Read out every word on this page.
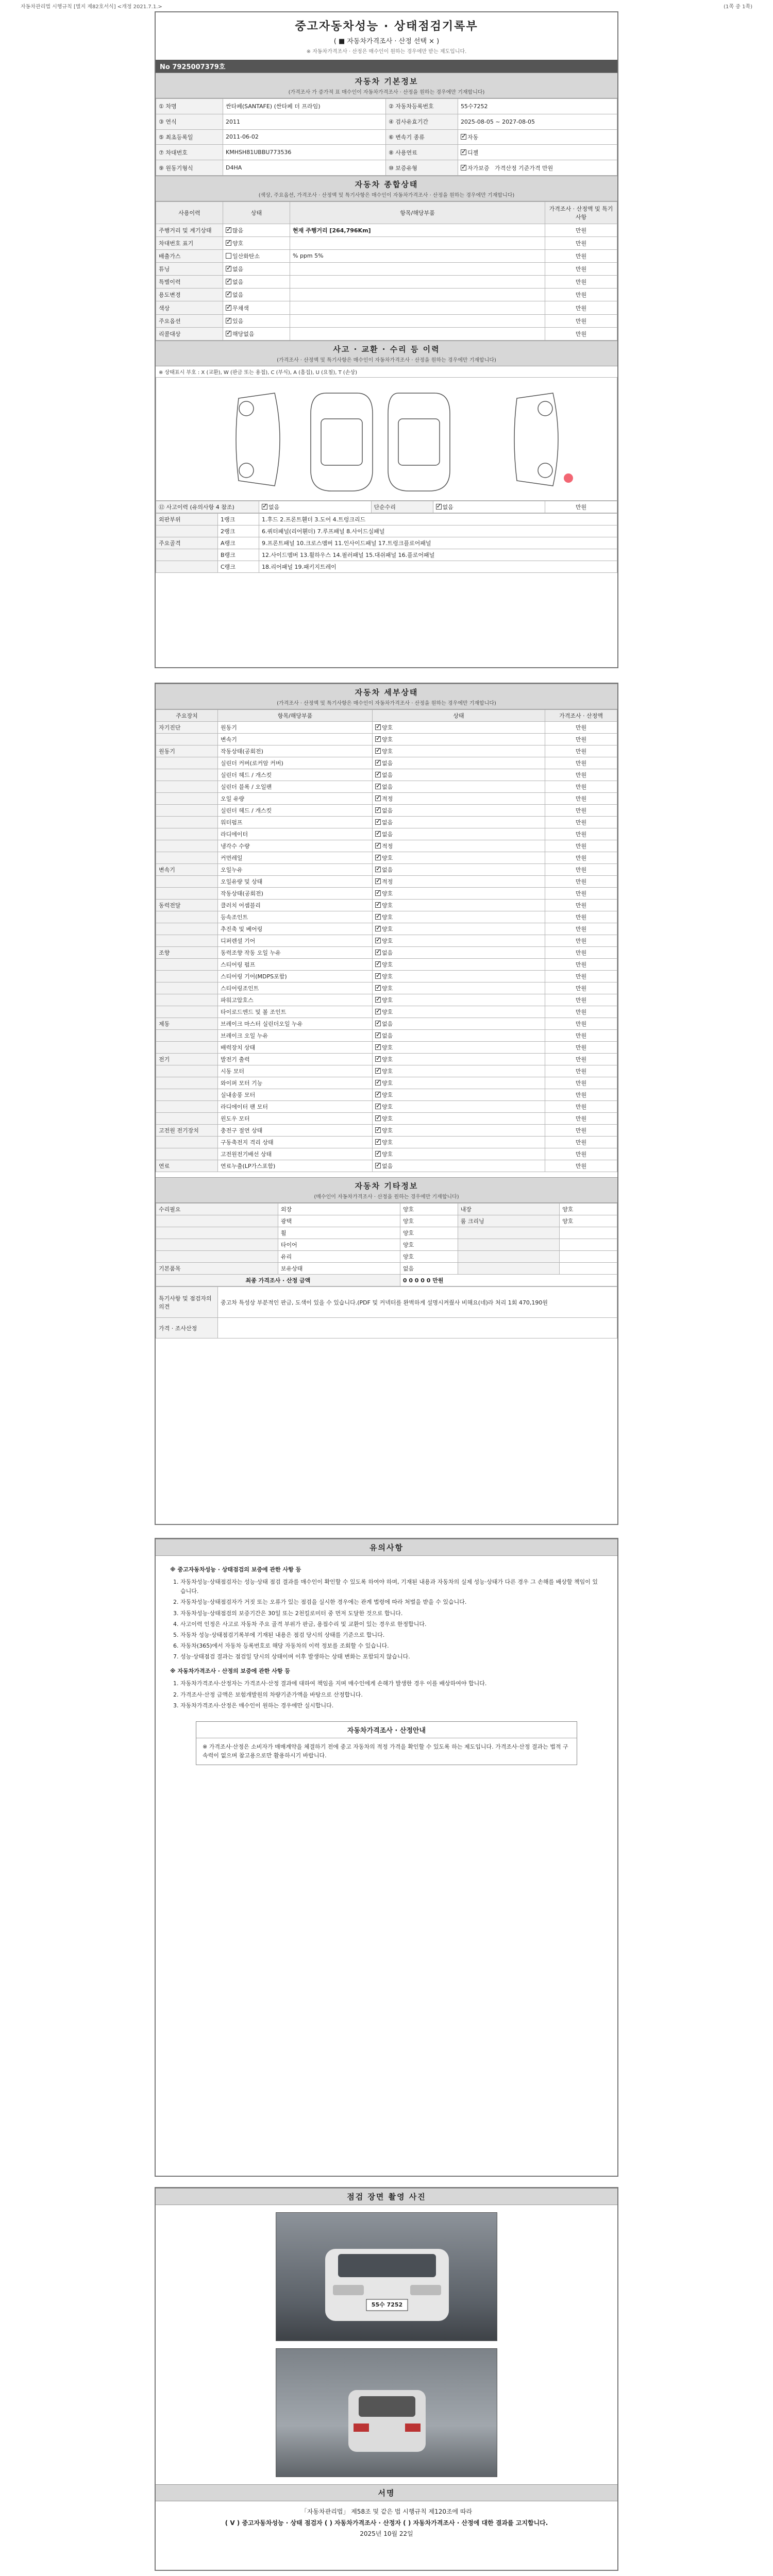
자동차관리법 시행규칙 [별지 제82호서식] <개정 2021.7.1.>	(1쪽 중 1쪽)
중고자동차성능 · 상태점검기록부
( ■ 자동차가격조사 · 산정 선택 × )
※ 자동차가격조사 · 산정은 매수인이 원하는 경우에만 받는 제도입니다.
No 7925007379호
자동차 기본정보
(가격조사 가 증가적 표 매수인이 자동차가격조사 · 산정을 원하는 경우에만 기재합니다)
① 차명	싼타페(SANTAFE) (싼타페 더 프라임)	② 자동차등록번호	55수7252
③ 연식	2011	④ 검사유효기간	2025-08-05 ~ 2027-08-05
⑤ 최초등록일	2011-06-02	⑥ 변속기 종류	✓자동
⑦ 차대번호	KMHSH81UBBU773536	⑧ 사용연료	✓디젤
⑨ 원동기형식	D4HA	⑩ 보증유형	✓자가보증 가격산정 기준가격 만원
자동차 종합상태
(색상, 주요옵션, 가격조사 · 산정액 및 특기사항은 매수인이 자동차가격조사 · 산정을 원하는 경우에만 기재합니다)
사용이력	상태	항목/해당부품	가격조사 · 산정액 및 특기사항
주행거리 및 계기상태	✓많음	현재 주행거리 [264,796Km]	만원
차대번호 표기	✓양호		만원
배출가스	일산화탄소	% ppm 5%	만원
튜닝	✓없음		만원
특별이력	✓없음		만원
용도변경	✓없음		만원
색상	✓무채색		만원
주요옵션	✓있음		만원
리콜대상	✓해당없음		만원
사고 · 교환 · 수리 등 이력
(가격조사 · 산정액 및 특기사항은 매수인이 자동차가격조사 · 산정을 원하는 경우에만 기재합니다)
※ 상태표시 부호 : X (교환), W (판금 또는 용접), C (부식), A (흠집), U (요철), T (손상)
⑫ 사고이력 (유의사항 4 참조)	✓없음	단순수리	✓없음	만원
외판부위	1랭크	1.후드 2.프론트휀더 3.도어 4.트렁크리드
	2랭크	6.쿼터패널(리어휀더) 7.루프패널 8.사이드실패널
주요골격	A랭크	9.프론트패널 10.크로스멤버 11.인사이드패널 17.트렁크플로어패널
	B랭크	12.사이드멤버 13.휠하우스 14.필러패널 15.대쉬패널 16.플로어패널
	C랭크	18.리어패널 19.패키지트레이
자동차 세부상태
(가격조사 · 산정액 및 특기사항은 매수인이 자동차가격조사 · 산정을 원하는 경우에만 기재합니다)
주요장치	항목/해당부품	상태	가격조사 · 산정액
자기진단	원동기	✓양호	만원
	변속기	✓양호	만원
원동기	작동상태(공회전)	✓양호	만원
	실린더 커버(로커암 커버)	✓없음	만원
	실린더 헤드 / 개스킷	✓없음	만원
	실린더 블록 / 오일팬	✓없음	만원
	오일 유량	✓적정	만원
	실린더 헤드 / 개스킷	✓없음	만원
	워터펌프	✓없음	만원
	라디에이터	✓없음	만원
	냉각수 수량	✓적정	만원
	커먼레일	✓양호	만원
변속기	오일누유	✓없음	만원
	오일유량 및 상태	✓적정	만원
	작동상태(공회전)	✓양호	만원
동력전달	클러치 어셈블리	✓양호	만원
	등속조인트	✓양호	만원
	추진축 및 베어링	✓양호	만원
	디퍼렌셜 기어	✓양호	만원
조향	동력조향 작동 오일 누유	✓없음	만원
	스티어링 펌프	✓양호	만원
	스티어링 기어(MDPS포함)	✓양호	만원
	스티어링조인트	✓양호	만원
	파워고압호스	✓양호	만원
	타이로드엔드 및 볼 조인트	✓양호	만원
제동	브레이크 마스터 실린더오일 누유	✓없음	만원
	브레이크 오일 누유	✓없음	만원
	배력장치 상태	✓양호	만원
전기	발전기 출력	✓양호	만원
	시동 모터	✓양호	만원
	와이퍼 모터 기능	✓양호	만원
	실내송풍 모터	✓양호	만원
	라디에이터 팬 모터	✓양호	만원
	윈도우 모터	✓양호	만원
고전원 전기장치	충전구 절연 상태	✓양호	만원
	구동축전지 격리 상태	✓양호	만원
	고전원전기배선 상태	✓양호	만원
연료	연료누출(LP가스포함)	✓없음	만원
자동차 기타정보
(매수인이 자동차가격조사 · 산정을 원하는 경우에만 기재합니다)
수리필요	외장	양호	내장	양호
	광택	양호	룸 크리닝	양호
	휠	양호		
	타이어	양호		
	유리	양호		
기본품목	보유상태	없음		
최종 가격조사 · 산정 금액		0 0 0 0 0 만원		
특기사항 및 점검자의 의견	중고차 특성상 부분적인 판금, 도색이 있을 수 있습니다.(PDF 및 커넥터를 완벽하게 설명시켜줬사 비해요(네)라 처리 1회 470,190원
가격 · 조사산정	
유의사항
※ 중고자동차성능 · 상태점검의 보증에 관한 사항 등
1. 자동차성능·상태점검자는 성능·상태 점검 결과를 매수인이 확인할 수 있도록 하여야 하며, 기재된 내용과 자동차의 실제 성능·상태가 다른 경우 그 손해를 배상할 책임이 있습니다.
2. 자동차성능·상태점검자가 거짓 또는 오류가 있는 점검을 실시한 경우에는 관계 법령에 따라 처벌을 받을 수 있습니다.
3. 자동차성능·상태점검의 보증기간은 30일 또는 2천킬로미터 중 먼저 도달한 것으로 합니다.
4. 사고이력 인정은 사고로 자동차 주요 골격 부위가 판금, 용접수리 및 교환이 있는 경우로 한정합니다.
5. 자동차 성능·상태점검기록부에 기재된 내용은 점검 당시의 상태를 기준으로 합니다.
6. 자동차(365)에서 자동차 등록번호로 해당 자동차의 이력 정보를 조회할 수 있습니다.
7. 성능·상태점검 결과는 점검일 당시의 상태이며 이후 발생하는 상태 변화는 포함되지 않습니다.
※ 자동차가격조사 · 산정의 보증에 관한 사항 등
1. 자동차가격조사·산정자는 가격조사·산정 결과에 대하여 책임을 지며 매수인에게 손해가 발생한 경우 이를 배상하여야 합니다.
2. 가격조사·산정 금액은 보험개발원의 차량기준가액을 바탕으로 산정합니다.
3. 자동차가격조사·산정은 매수인이 원하는 경우에만 실시합니다.
자동차가격조사 · 산정안내
※ 가격조사·산정은 소비자가 매매계약을 체결하기 전에 중고 자동차의 적정 가격을 확인할 수 있도록 하는 제도입니다. 가격조사·산정 결과는 법적 구속력이 없으며 참고용으로만 활용하시기 바랍니다.
점검 장면 촬영 사진
55수 7252
서명
「자동차관리법」 제58조 및 같은 법 시행규칙 제120조에 따라
( V ) 중고자동차성능 · 상태 점검자 ( ) 자동차가격조사 · 산정자 ( ) 자동차가격조사 · 산정에 대한 결과를 고지합니다.
2025년 10월 22일
